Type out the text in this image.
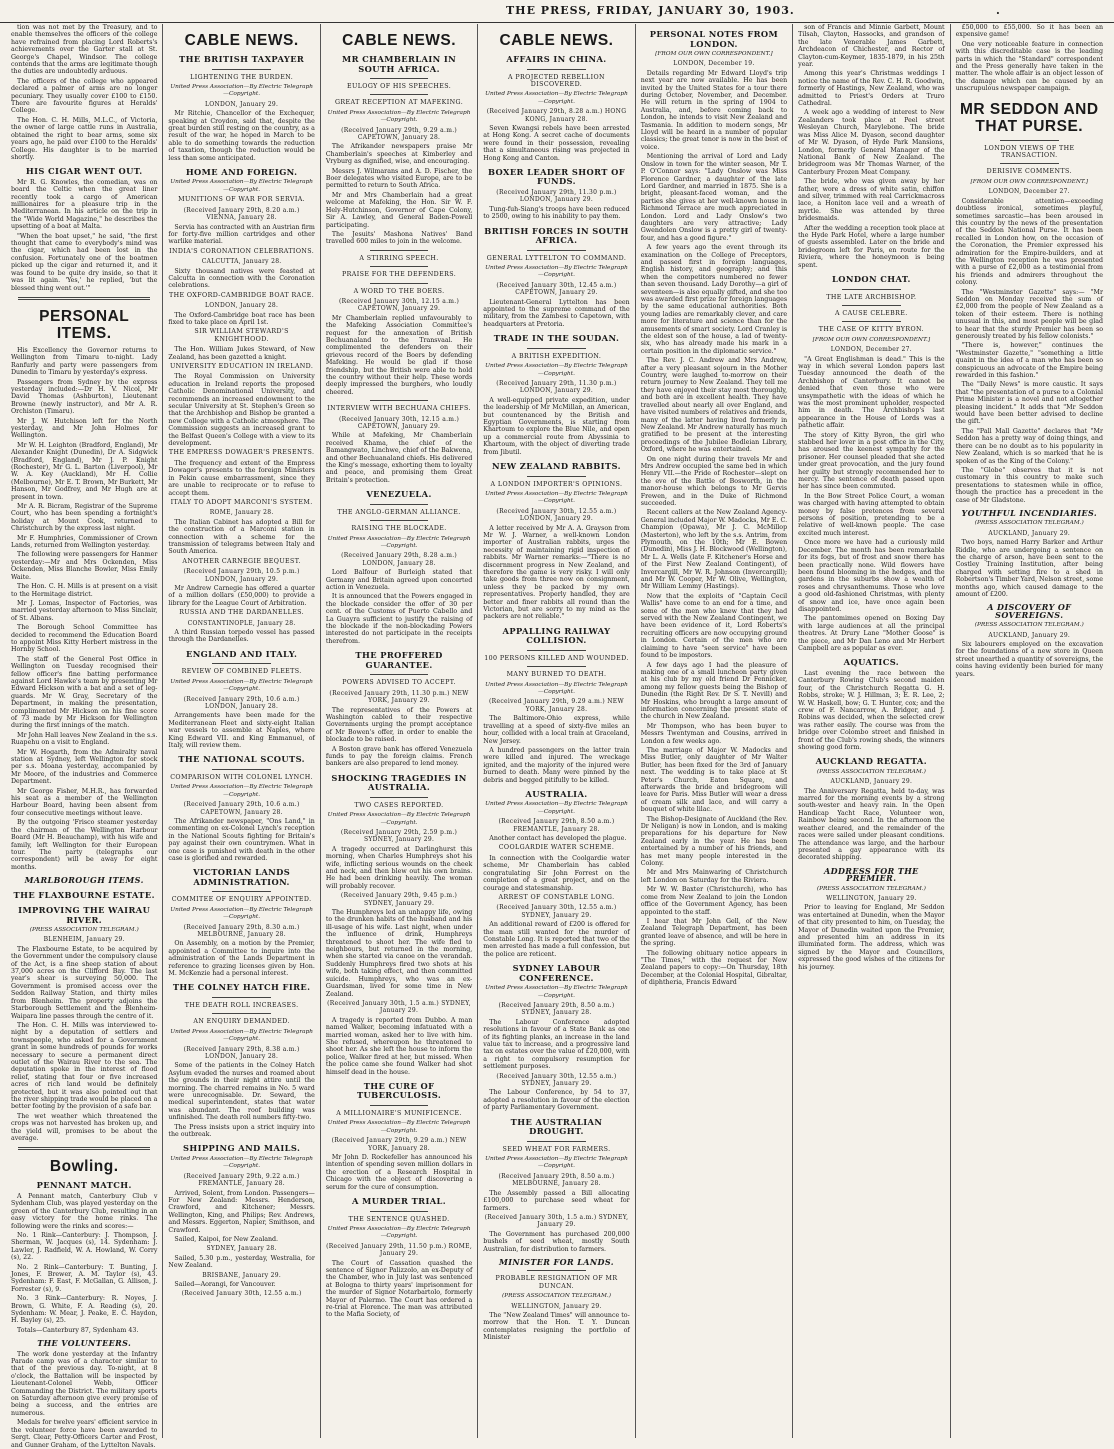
THE PRESS, FRIDAY, JANUARY 30, 1903.	.

tion was not met by the Treasury, and to enable themselves the officers of the college have refrained from placing Lord Roberts's achievements over the Garter stall at St. George's Chapel, Windsor. The college contends that the arms are legitimate though the duties are undoubtedly arduous.

The officers of the college who appeared declared a palmer of arms are no longer pecuniary. They usually cover £100 to £150. There are favourite figures at Heralds' College.

The Hon. C. H. Mills, M.L.C., of Victoria, the owner of large cattle runs in Australia, obtained the right to bear arms, some six years ago, he paid over £100 to the Heralds' College. His daughter is to be married shortly.

HIS CIGAR WENT OUT.

Mr R. G. Knowles, the comedian, was on board the Celtic when the great liner recently took a cargo of American millionaires for a pleasure trip in the Mediterranean. In his article on the trip in the "Wide World Magazine," he describes the upsetting of a boat at Malta.

"When the boat upset," he said, "the first thought that came to everybody's mind was the cigar, which had been lost in the confusion. Fortunately one of the boatmen picked up the cigar and returned it, and it was found to be quite dry inside, so that it was lit again. 'Yes,' he replied, 'but the blessed thing went out.'"

PERSONAL ITEMS.

His Excellency the Governor returns to Wellington from Timaru to-night. Lady Ranfurly and party were passengers from Dunedin to Timaru by yesterday's express.

Passengers from Sydney by the express yesterday included:—Dr H. V. Nicol, Mr David Thomas (Ashburton), Lieutenant Browne (newly instructor), and Mr A. R. Orchiston (Timaru).

Mr J. W. Hutchison left for the North yesterday, and Mr John Holmes for Wellington.

Mr W. H. Leighton (Bradford, England), Mr Alexander Knight (Dunedin), Dr A. Sidgwick (Bradford, England), Mr J. P. Knight (Rochester), Mr G. L. Barton (Liverpool), Mr W. A. Key (Auckland), Mr H. Collie (Melbourne), Mr E. T. Brown, Mr Burkett, Mr Hanson, Mr Godfrey, and Mr Hugh are at present in town.

Mr A. R. Bicram, Registrar of the Supreme Court, who has been spending a fortnight's holiday at Mount Cook, returned to Christchurch by the express last night.

Mr F. Humphries, Commissioner of Crown Lands, returned from Wellington yesterday.

The following were passengers for Hanmer yesterday:—Mr and Mrs Ockenden, Miss Ockenden, Miss Blanche Bowler, Miss Emily Waite.

The Hon. C. H. Mills is at present on a visit to the Hermitage district.

Mr J. Lomas, Inspector of Factories, was married yesterday afternoon to Miss Sinclair, of St. Albans.

The Borough School Committee has decided to recommend the Education Board to appoint Miss Kitty Herbert mistress in the Hornby School.

The staff of the General Post Office in Wellington on Tuesday recognised their fellow officer's fine batting performance against Lord Hawke's team by presenting Mr Edward Hickson with a bat and a set of leg-guards. Mr W. Gray, Secretary of the Department, in making the presentation, complimented Mr Hickson on his fine score of 73 made by Mr Hickson for Wellington during the first innings of the match.

Mr John Hall leaves New Zealand in the s.s. Ruapehu on a visit to England.

Mr W. Hogarth, from the Admiralty naval station at Sydney, left Wellington for stock per s.s. Moana yesterday, accompanied by Mr Moore, of the industries and Commerce Department.

Mr George Fisher, M.H.R., has forwarded his seat as a member of the Wellington Harbour Board, having been absent from four consecutive meetings without leave.

By the outgoing 'Frisco steamer yesterday the chairman of the Wellington Harbour Board (Mr H. Beauchamp), with his wife and family, left Wellington for their European tour. The party (telegraphs our correspondent) will be away for eight months.

MARLBOROUGH ITEMS.
THE FLAXBOURNE ESTATE.
IMPROVING THE WAIRAU RIVER.
(PRESS ASSOCIATION TELEGRAM.)
BLENHEIM, January 29.

The Flaxbourne Estate, to be acquired by the Government under the compulsory clause of the Act, is a fine sheep station of about 37,000 acres on the Clifford Bay. The last year's shear is surveying 50,000. The Government is promised access over the Seddon Railway Station, and thirty miles from Blenheim. The property adjoins the Starborough Settlement and the Blenheim-Waipara line passes through the centre of it.

The Hon. C. H. Mills was interviewed to-night by a deputation of settlers and townspeople, who asked for a Government grant in some hundreds of pounds for works necessary to secure a permanent direct outlet of the Wairau River to the sea. The deputation spoke in the interest of flood relief, stating that four or five increased acres of rich land would be definitely protected, but it was also pointed out that the river shipping trade would be placed on a better footing by the provision of a safe bar.

The wet weather which threatened the crops was not harvested has broken up, and the yield will, promises to be about the average.

Bowling.
PENNANT MATCH.

A Pennant match, Canterbury Club v Sydenham Club, was played yesterday on the green of the Canterbury Club, resulting in an easy victory for the home rinks. The following were the rinks and scores:—

No. 1 Rink—Canterbury: J. Thompson, J. Sherman, W. Jacques (s), 14. Sydenham: J. Lawler, J. Radfield, W. A. Howland, W. Corry (s), 22.

No. 2 Rink—Canterbury: T. Bunting, J. Jones, F. Brewer, A. M. Taylor (s), 43. Sydenham: F. East, F. McGallan, G. Allison, J. Forrester (s), 9.

No. 3 Rink—Canterbury: R. Noyes, J. Brown, G. White, F. A. Reading (s), 20. Sydenham: W. Mear, J. Peake, E. C. Haydon, H. Bayley (s), 25.

Totals—Canterbury 87, Sydenham 43.

THE VOLUNTEERS.

The work done yesterday at the Infantry Parade camp was of a character similar to that of the previous day. To-night, at 8 o'clock, the Battalion will be inspected by Lieutenant-Colonel Webb, Officer Commanding the District. The military sports on Saturday afternoon give every promise of being a success, and the entries are numerous.

Medals for twelve years' efficient service in the volunteer force have been awarded to Sergt. Clear, Petty-Officers Carter and Frost, and Gunner Graham, of the Lyttelton Navals.

CABLE NEWS.
THE BRITISH TAXPAYER
LIGHTENING THE BURDEN.
United Press Association—By Electric Telegraph—Copyright.
LONDON, January 29.

Mr Ritchie, Chancellor of the Exchequer, speaking at Croydon, said that, despite the great burden still resting on the country, as a result of the war, he hoped in March to be able to do something towards the reduction of taxation, though the reduction would be less than some anticipated.

HOME AND FOREIGN.
United Press Association—By Electric Telegraph—Copyright.
MUNITIONS OF WAR FOR SERVIA.
(Received January 29th, 8.20 a.m.) VIENNA, January 28.

Servia has contracted with an Austrian firm for forty-five million cartridges and other warlike material.

INDIA'S CORONATION CELEBRATIONS.
CALCUTTA, January 28.

Sixty thousand natives were feasted at Calcutta in connection with the Coronation celebrations.

THE OXFORD-CAMBRIDGE BOAT RACE.
LONDON, January 28.

The Oxford-Cambridge boat race has been fixed to take place on April 1st.

SIR WILLIAM STEWARD'S KNIGHTHOOD.

The Hon. William Jukes Steward, of New Zealand, has been gazetted a knight.

UNIVERSITY EDUCATION IN IRELAND.

The Royal Commission on University education in Ireland reports the proposed Catholic Denominational University, and recommends an increased endowment to the secular University at St. Stephen's Green so that the Archbishop and Bishop be granted a new College with a Catholic atmosphere. The Commission suggests an increased grant to the Belfast Queen's College with a view to its development.

THE EMPRESS DOWAGER'S PRESENTS.

The frequency and extent of the Empress Dowager's presents to the foreign Ministers in Pekin cause embarrassment, since they are unable to reciprocate or to refuse to accept them.

ITALY TO ADOPT MARCONI'S SYSTEM.
ROME, January 28.

The Italian Cabinet has adopted a Bill for the construction of a Marconi station in connection with a scheme for the transmission of telegrams between Italy and South America.

ANOTHER CARNEGIE BEQUEST.
(Received January 29th, 10.5 p.m.) LONDON, January 29.

Mr Andrew Carnegie has offered a quarter of a million dollars (£50,000) to provide a library for the League Court of Arbitration.

RUSSIA AND THE DARDANELLES.
CONSTANTINOPLE, January 28.

A third Russian torpedo vessel has passed through the Dardanelles.

ENGLAND AND ITALY.
REVIEW OF COMBINED FLEETS.
United Press Association—By Electric Telegraph—Copyright.
(Received January 29th, 10.6 a.m.) LONDON, January 28.

Arrangements have been made for the Mediterranean Fleet and sixty-eight Italian war vessels to assemble at Naples, where King Edward VII. and King Emmanuel, of Italy, will review them.

THE NATIONAL SCOUTS.
COMPARISON WITH COLONEL LYNCH.
United Press Association—By Electric Telegraph—Copyright.
(Received January 29th, 10.6 a.m.) CAPETOWN, January 28.

The Afrikander newspaper, "Ons Land," in commenting on ex-Colonel Lynch's reception in the National Scouts fighting for Britain's pay against their own countrymen. What in one case is punished with death in the other case is glorified and rewarded.

VICTORIAN LANDS ADMINISTRATION.
COMMITEE OF ENQUIRY APPOINTED.
United Press Association—By Electric Telegraph—Copyright.
(Received January 29th, 8.30 a.m.) MELBOURNE, January 28.

On Assembly, on a motion by the Premier, appointed a Committee to inquire into the administration of the Lands Department in reference to grazing licenses given by Hon. M. McKenzie had a personal interest.

THE COLNEY HATCH FIRE.
THE DEATH ROLL INCREASES.
AN ENQUIRY DEMANDED.
United Press Association—By Electric Telegraph—Copyright.
(Received January 29th, 8.38 a.m.) LONDON, January 28.

Some of the patients in the Colney Hatch Asylum evaded the nurses and roamed about the grounds in their night attire until the morning. The charred remains in No. 5 ward were unrecognisable. Dr. Seward, the medical superintendent, states that water was abundant. The roof building was unfinished. The death roll numbers fifty-two.

The Press insists upon a strict inquiry into the outbreak.

SHIPPING AND MAILS.
United Press Association—By Electric Telegraph—Copyright.
(Received January 29th, 9.22 a.m.) FREMANTLE, January 28.

Arrived, Solent, from London. Passengers—For New Zealand: Messrs. Henderson, Crawford, and Kitchener; Messrs. Wellington, King, and Philips; Rev. Andrews, and Messrs. Eggerton, Napier, Smithson, and Crawford.

Sailed, Kaipoi, for New Zealand.

SYDNEY, January 28.

Sailed, 5.30 p.m., yesterday, Westralia, for New Zealand.

BRISBANE, January 29.

Sailed—Aorangi, for Vancouver.

(Received January 30th, 12.55 a.m.)
CABLE NEWS.
MR CHAMBERLAIN IN SOUTH AFRICA.
EULOGY OF HIS SPEECHES.
GREAT RECEPTION AT MAFEKING.
United Press Association—By Electric Telegraph—Copyright.
(Received January 29th, 9.29 a.m.) CAPETOWN, January 28.

The Afrikander newspapers praise Mr Chamberlain's speeches at Kimberley and Vryburg as dignified, wise, and encouraging.

Messrs J. Wilmarans and A. D. Fischer, the Boer delegates who visited Europe, are to be permitted to return to South Africa.

Mr and Mrs Chamberlain had a great welcome at Mafeking, the Hon. Sir W. F. Hely-Hutchinson, Governor of Cape Colony, Sir A. Lawley, and General Baden-Powell participating.

The Jesuits' Mashona Natives' Band travelled 600 miles to join in the welcome.

A STIRRING SPEECH.
PRAISE FOR THE DEFENDERS.
A WORD TO THE BOERS.
(Received January 30th, 12.15 a.m.) CAPETOWN, January 29.

Mr Chamberlain replied unfavourably to the Mafeking Association Committee's request for the annexation of British Bechuanaland to the Transvaal. He complimented the defenders on their grievous record of the Boers by defending Mafeking. He would be glad if those friendship, but the British were able to hold the country without their help. These words deeply impressed the burghers, who loudly cheered.

INTERVIEW WITH BECHUANA CHIEFS.
(Received January 30th, 12.15 a.m.) CAPETOWN, January 29.

While at Mafeking, Mr Chamberlain received Khama, the chief of the Bamangwato, Linchwe, chief of the Bakwena, and other Bechuanaland chiefs. His delivered the King's message, exhorting them to loyalty and peace, and promising them Great Britain's protection.

VENEZUELA.
THE ANGLO-GERMAN ALLIANCE.
RAISING THE BLOCKADE.
United Press Association—By Electric Telegraph—Copyright.
(Received January 29th, 8.28 a.m.) LONDON, January 28.

Lord Balfour of Burleigh stated that Germany and Britain agreed upon concerted action in Venezuela.

It is announced that the Powers engaged in the blockade consider the offer of 30 per cent. of the Customs of Puerto Cabello and La Guayra sufficient to justify the raising of the blockade if the non-blockading Powers interested do not participate in the receipts therefrom.

THE PROFFERED GUARANTEE.
POWERS ADVISED TO ACCEPT.
(Received January 29th, 11.30 p.m.) NEW YORK, January 29.

The representatives of the Powers at Washington cabled to their respective Governments urging the prompt acceptance of Mr Bowen's offer, in order to enable the blockade to be raised.

A Boston grave bank has offered Venezuela funds to pay the foreign claims. French bankers are also prepared to lend money.

SHOCKING TRAGEDIES IN AUSTRALIA.
TWO CASES REPORTED.
United Press Association—By Electric Telegraph—Copyright.
(Received January 29th, 2.59 p.m.) SYDNEY, January 29.

A tragedy occurred at Darlinghurst this morning, when Charles Humphreys shot his wife, inflicting serious wounds on the cheek and neck, and then blew out his own brains. He had been drinking heavily. The woman will probably recover.

(Received January 29th, 9.45 p.m.) SYDNEY, January 29.

The Humphreys led an unhappy life, owing to the drunken habits of the husband and his ill-usage of his wife. Last night, when under the influence of drink, Humphreys threatened to shoot her. The wife fled to neighbours, but returned in the morning, when she started via canoe on the verandah. Suddenly Humphreys fired two shots at his wife, both taking effect, and then committed suicide. Humphreys, who was an ex-Guardsman, lived for some time in New Zealand.

(Received January 30th, 1.5 a.m.) SYDNEY, January 29.

A tragedy is reported from Dubbo. A man named Walker, becoming infatuated with a married woman, asked her to live with him. She refused, whereupon he threatened to shoot her. As she left the house to inform the police, Walker fired at her, but missed. When the police came she found Walker had shot himself dead in the house.

THE CURE OF TUBERCULOSIS.
A MILLIONAIRE'S MUNIFICENCE.
United Press Association—By Electric Telegraph—Copyright.
(Received January 29th, 9.29 a.m.) NEW YORK, January 28.

Mr John D. Rockefeller has announced his intention of spending seven million dollars in the erection of a Research Hospital in Chicago with the object of discovering a serum for the cure of consumption.

A MURDER TRIAL.
THE SENTENCE QUASHED.
United Press Association—By Electric Telegraph—Copyright.
(Received January 29th, 11.50 p.m.) ROME, January 29.

The Court of Cassation quashed the sentence of Signor Palizzolo, an ex-Deputy of the Chamber, who in July last was sentenced at Bologna to thirty years' imprisonment for the murder of Signor Notarbartolo, formerly Mayor of Palermo. The Court has ordered a re-trial at Florence. The man was attributed to the Mafia Society, of

CABLE NEWS.
AFFAIRS IN CHINA.
A PROJECTED REBELLION DISCOVERED.
United Press Association—By Electric Telegraph—Copyright.
(Received January 29th, 8.28 a.m.) HONG KONG, January 28.

Seven Kwangsi rebels have been arrested at Hong Kong. A secret cache of documents were found in their possession, revealing that a simultaneous rising was projected in Hong Kong and Canton.

BOXER LEADER SHORT OF FUNDS.
(Received January 29th, 11.30 p.m.) LONDON, January 29.

Tung-fuh-Siang's troops have been reduced to 2500, owing to his inability to pay them.

BRITISH FORCES IN SOUTH AFRICA.
GENERAL LYTTELTON TO COMMAND.
United Press Association—By Electric Telegraph—Copyright.
(Received January 30th, 12.45 a.m.) CAPETOWN, January 29.

Lieutenant-General Lyttelton has been appointed to the supreme command of the military, from the Zambesi to Capetown, with headquarters at Pretoria.

TRADE IN THE SOUDAN.
A BRITISH EXPEDITION.
United Press Association—By Electric Telegraph—Copyright.
(Received January 29th, 11.30 p.m.) LONDON, January 29.

A well-equipped private expedition, under the leadership of Mr McMillan, an American, but countenanced by the British and Egyptian Governments, is starting from Khartoum to explore the Blue Nile, and open up a commercial route from Abyssinia to Khartoum, with the object of diverting trade from Jibutil.

NEW ZEALAND RABBITS.
A LONDON IMPORTER'S OPINIONS.
United Press Association—By Electric Telegraph—Copyright.
(Received January 30th, 12.55 a.m.) LONDON, January 29.

A letter received by Mr A. A. Grayson from Mr W. J. Warner, a well-known London importer of Australian rabbits, urges the necessity of maintaining rigid inspection of rabbits. Mr Warner remarks:—"There is no discernment progress in New Zealand, and therefore the game is very risky. I will only take goods from three now on consignment, unless they be packed by my own representatives. Properly handled, they are better and finer rabbits all round than the Victorian, but are sorry to my mind as the packers are not reliable."

APPALLING RAILWAY COLLISION.
100 PERSONS KILLED AND WOUNDED.
MANY BURNED TO DEATH.
United Press Association—By Electric Telegraph—Copyright.
(Received January 29th, 9.29 a.m.) NEW YORK, January 28.

The Baltimore-Ohio express, while travelling at a speed of sixty-five miles an hour, collided with a local train at Graceland, New Jersey.

A hundred passengers on the latter train were killed and injured. The wreckage ignited, and the majority of the injured were burned to death. Many were pinned by the debris and begged pitifully to be killed.

AUSTRALIA.
United Press Association—By Electric Telegraph—Copyright.
(Received January 29th, 8.50 a.m.) FREMANTLE, January 28.

Another contact has developed the plague.

COOLGARDIE WATER SCHEME.

In connection with the Coolgardie water scheme, Mr Chamberlain has cabled congratulating Sir John Forrest on the completion of a great project, and on the courage and statesmanship.

ARREST OF CONSTABLE LONG.
(Received January 30th, 12.55 a.m.) SYDNEY, January 29.

An additional reward of £200 is offered for the man still wanted for the murder of Constable Long. It is reported that two of the men arrested has made a full confession, but the police are reticent.

SYDNEY LABOUR CONFERENCE.
United Press Association—By Electric Telegraph—Copyright.
(Received January 29th, 8.50 a.m.) SYDNEY, January 28.

The Labour Conference adopted resolutions in favour of a State Bank as one of its fighting planks, an increase in the land value tax to increase, and a progressive land tax on estates over the value of £20,000, with a right to compulsory resumption for settlement purposes.

(Received January 30th, 12.55 a.m.) SYDNEY, January 29.

The Labour Conference, by 54 to 37, adopted a resolution in favour of the election of party Parliamentary Government.

THE AUSTRALIAN DROUGHT.
SEED WHEAT FOR FARMERS.
United Press Association—By Electric Telegraph—Copyright.
(Received January 29th, 8.50 a.m.) MELBOURNE, January 28.

The Assembly passed a Bill allocating £100,000 to purchase seed wheat for farmers.

(Received January 30th, 1.5 a.m.) SYDNEY, January 29.

The Government has purchased 200,000 bushels of seed wheat, mostly South Australian, for distribution to farmers.

MINISTER FOR LANDS.
PROBABLE RESIGNATION OF MR DUNCAN.
(PRESS ASSOCIATION TELEGRAM.)
WELLINGTON, January 29.

The "New Zealand Times" will announce to-morrow that the Hon. T. Y. Duncan contemplates resigning the portfolio of Minister

PERSONAL NOTES FROM LONDON.
[FROM OUR OWN CORRESPONDENT.]
LONDON, December 19.

Details regarding Mr Edward Lloyd's trip next year are now available. He has been invited by the United States for a tour there during October, November, and December. He will return in the spring of 1904 to Australia, and, before coming back to London, he intends to visit New Zealand and Tasmania. In addition to modern songs, Mr Lloyd will be heard in a number of popular classics; the great tenor is now in the best of voice.

Mentioning the arrival of Lord and Lady Onslow in town for the winter season, Mr T. P. O'Connor says: "Lady Onslow was Miss Florence Gardner, a daughter of the late Lord Gardner, and married in 1875. She is a bright, pleasant-faced woman, and the parties she gives at her well-known house in Richmond Terrace are much appreciated in London. Lord and Lady Onslow's two daughters are very attractive; Lady Gwendolen Onslow is a pretty girl of twenty-four, and has a good figure."

A few years ago the event through its examination on the College of Preceptors, and passed first in foreign languages, English history, and geography; and this when the competitors numbered no fewer than seven thousand. Lady Dorothy—a girl of seventeen—is also equally gifted, and she too was awarded first prize for foreign languages by the same educational authorities. Both young ladies are remarkably clever, and care more for literature and science than for the amusements of smart society. Lord Cranley is the eldest son of the house, a lad of twenty-six, who has already made his mark in a certain position in the diplomatic service."

The Rev. J. C. Andrew and Mrs Andrew, after a very pleasant sojourn in the Mother Country, were laughed to-morrow on their return journey to New Zealand. They tell me they have enjoyed their stay most thoroughly, and both are in excellent health. They have travelled about nearly all over England, and have visited numbers of relatives and friends, many of the latter having lived formerly in New Zealand. Mr Andrew naturally has much gratified to be present at the interesting proceedings of the Jubilee Bodleian Library, Oxford, where he was entertained.

On one night during their travels Mr and Mrs Andrew occupied the same bed in which Henry VII.—the Pride of Rochester—slept on the eve of the Battle of Bosworth, in the manor-house which belongs to Mr Gervis Frewen, and in the Duke of Richmond succeeded.

Recent callers at the New Zealand Agency-General included Major W. Madocks, Mr E. C. Champion (Opawa), Mr J. C. McMillop (Masterton), who left by the s.s. Antrim, from Plymouth, on the 10th; Mr E. Bowen (Dunedin), Miss J. H. Blockwood (Wellington), Mr L. A. Wells (late F. Kitchener's Horse and of the First New Zealand Contingent), of Invercargill, Mr W. R. Johnson (Invercargill); and Mr W. Cooper, Mr W. Olive, Wellington, Mr William Lemmy (Hastings).

Now that the exploits of "Captain Cecil Wallis" have come to an end for a time, and some of the men who knew that they had served with the New Zealand Contingent, we have been evidence of it, Lord Roberts's recruiting officers are now occupying ground in London. Certain of the men who are claiming to have "seen service" have been found to be impostors.

A few days ago I had the pleasure of making one of a small luncheon party given at his club by my old friend Dr Fennicker, among my fellow guests being the Bishop of Dunedin (the Right Rev. Dr S. T. Nevill) and Mr Hoskins, who brought a large amount of information concerning the present state of the church in New Zealand.

Mr Thompson, who has been buyer to Messrs Twentyman and Cousins, arrived in London a few weeks ago.

The marriage of Major W. Madocks and Miss Butler, only daughter of Mr Walter Butler, has been fixed for the 3rd of January next. The wedding is to take place at St Peter's Church, Eaton Square, and afterwards the bride and bridegroom will leave for Paris. Miss Butler will wear a dress of cream silk and lace, and will carry a bouquet of white lilac.

The Bishop-Designate of Auckland (the Rev. Dr Neligan) is now in London, and is making preparations for his departure for New Zealand early in the year. He has been entertained by a number of his friends, and has met many people interested in the Colony.

Mr and Mrs Mainwaring of Christchurch left London on Saturday for the Riviera.

Mr W. W. Baxter (Christchurch), who has come from New Zealand to join the London office of the Government Agency, has been appointed to the staff.

I hear that Mr John Gell, of the New Zealand Telegraph Department, has been granted leave of absence, and will be here in the spring.

The following obituary notice appears in "The Times," with the request for New Zealand papers to copy:—On Thursday, 18th December, at the Colonial Hospital, Gibraltar, of diphtheria, Francis Edward

son of Francis and Minnie Garbett, Mount Tilsah, Clayton, Hassocks, and grandson of the late Venerable James Garbett, Archdeacon of Chichester, and Rector of Clayton-cum-Keymer, 1835-1879, in his 25th year.

Among this year's Christmas weddings I notice the name of the Rev. C. H. R. Goodwin, formerly of Hastings, New Zealand, who was admitted to Priest's Orders at Truro Cathedral.

A week ago a wedding of interest to New Zealanders took place at Peel street Wesleyan Church, Marylebone. The bride was Miss Alice M. Dyason, second daughter of Mr W. Dyason, of Hyde Park Mansions, London, formerly General Manager of the National Bank of New Zealand. The bridegroom was Mr Thomas Warner, of the Canterbury Frozen Meat Company.

The bride, who was given away by her father, wore a dress of white satin, chiffon and silver, trimmed with real Carrickmacross lace, a Honiton lace veil and a wreath of myrtle. She was attended by three bridesmaids.

After the wedding a reception took place at the Hyde Park Hotel, where a large number of guests assembled. Later on the bride and bridegroom left for Paris, en route for the Riviera, where the honeymoon is being spent.

LONDON CHAT.
THE LATE ARCHBISHOP.
A CAUSE CELEBRE.
THE CASE OF KITTY BYRON.
[FROM OUR OWN CORRESPONDENT.]
LONDON, December 27.

"A Great Englishman is dead." This is the way in which several London papers last Tuesday announced the death of the Archbishop of Canterbury. It cannot be denied that even those who were unsympathetic with the ideas of which he was the most prominent upholder, respected him in death. The Archbishop's last appearance in the House of Lords was a pathetic affair.

The story of Kitty Byron, the girl who stabbed her lover in a post office in the City, has aroused the keenest sympathy for the prisoner. Her counsel pleaded that she acted under great provocation, and the jury found her guilty but strongly recommended her to mercy. The sentence of death passed upon her has since been commuted.

In the Bow Street Police Court, a woman was charged with having attempted to obtain money by false pretences from several persons of position, pretending to be a relative of well-known people. The case excited much interest.

Once more we have had a curiously mild December. The month has been remarkable for its fogs, but of frost and snow there has been practically none. Wild flowers have been found blooming in the hedges, and the gardens in the suburbs show a wealth of roses and chrysanthemums. Those who love a good old-fashioned Christmas, with plenty of snow and ice, have once again been disappointed.

The pantomimes opened on Boxing Day with large audiences at all the principal theatres. At Drury Lane "Mother Goose" is the piece, and Mr Dan Leno and Mr Herbert Campbell are as popular as ever.

AQUATICS.

Last evening the race between the Canterbury Rowing Club's second maiden four, of the Christchurch Regatta G. H. Robbs, stroke; W. J. Hillman, 3; E. R. Lee, 2; W. W. Haskell, bow; G. T. Hunter, cox; and the crew of F. Nancarrow, A. Bridger, and J. Robins was decided, when the selected crew was rather easily. The course was from the bridge over Colombo street and finished in front of the Club's rowing sheds, the winners showing good form.

AUCKLAND REGATTA.
(PRESS ASSOCIATION TELEGRAM.)
AUCKLAND, January 29.

The Anniversary Regatta, held to-day, was marred for the morning events by a strong south-wester and heavy rain. In the Open Handicap Yacht Race, Volunteer won, Rainbow being second. In the afternoon the weather cleared, and the remainder of the races were sailed under pleasant conditions. The attendance was large, and the harbour presented a gay appearance with its decorated shipping.

ADDRESS FOR THE PREMIER.
(PRESS ASSOCIATION TELEGRAM.)
WELLINGTON, January 29.

Prior to leaving for England, Mr Seddon was entertained at Dunedin, when the Mayor of that city presented to him, on Tuesday, the Mayor of Dunedin waited upon the Premier, and presented him an address in its illuminated form. The address, which was signed by the Mayor and Councillors, expressed the good wishes of the citizens for his journey.

£50,000 to £55,000. So it has been an expensive game!

One very noticeable feature in connection with this discreditable case is the leading parts in which the "Standard" correspondent and the Press generally have taken in the matter. The whole affair is an object lesson of the damage which can be caused by an unscrupulous newspaper campaign.

MR SEDDON AND THAT PURSE.
LONDON VIEWS OF THE TRANSACTION.
DERISIVE COMMENTS.
[FROM OUR OWN CORRESPONDENT.]
LONDON, December 27.

Considerable attention—exceeding doubtless ironical, sometimes playful, sometimes sarcastic—has been aroused in this country by the news of the presentation of the Seddon National Purse. It has been recalled in London how, on the occasion of the Coronation, the Premier expressed his admiration for the Empire-builders, and at the Wellington reception he was presented with a purse of £2,000 as a testimonial from his friends and admirers throughout the colony.

The "Westminster Gazette" says:— "Mr Seddon on Monday received the sum of £2,000 from the people of New Zealand as a token of their esteem. There is nothing unusual in this, and most people will be glad to hear that the sturdy Premier has been so generously treated by his fellow colonists."

"There is, however," continues the "Westminster Gazette," "something a little quaint in the idea of a man who has been so conspicuous an advocate of the Empire being rewarded in this fashion."

The "Daily News" is more caustic. It says that "the presentation of a purse to a Colonial Prime Minister is a novel and not altogether pleasing incident." It adds that "Mr Seddon would have been better advised to decline the gift."

The "Pall Mall Gazette" declares that "Mr Seddon has a pretty way of doing things, and there can be no doubt as to his popularity in New Zealand, which is so marked that he is spoken of as the King of the Colony."

The "Globe" observes that it is not customary in this country to make such presentations to statesmen while in office, though the practice has a precedent in the case of Mr Gladstone.

YOUTHFUL INCENDIARIES.
(PRESS ASSOCIATION TELEGRAM.)
AUCKLAND, January 29.

Two boys, named Harry Barker and Arthur Riddle, who are undergoing a sentence on the charge of arson, have been sent to the Costley Training Institution, after being charged with setting fire to a shed in Robertson's Timber Yard, Nelson street, some months ago, which caused damage to the amount of £200.

A DISCOVERY OF SOVEREIGNS.
(PRESS ASSOCIATION TELEGRAM.)
AUCKLAND, January 29.

Six labourers employed on the excavation for the foundations of a new store in Queen street unearthed a quantity of sovereigns, the coins having evidently been buried for many years.
